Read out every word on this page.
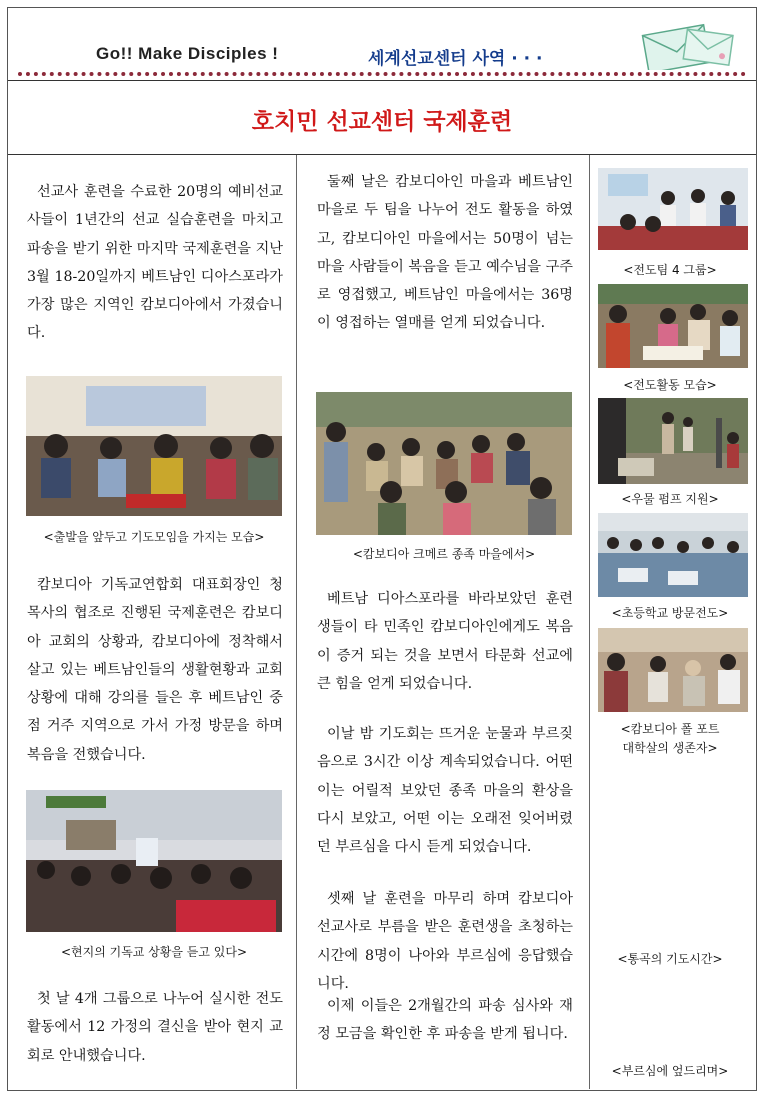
Go!! Make Disciples !	세계선교센터 사역 · · ·
호치민 선교센터 국제훈련

선교사 훈련을 수료한 20명의 예비선교사들이 1년간의 선교 실습훈련을 마치고 파송을 받기 위한 마지막 국제훈련을 지난 3월 18-20일까지 베트남인 디아스포라가 가장 많은 지역인 캄보디아에서 가졌습니다.

<출발을 앞두고 기도모임을 가지는 모습>

캄보디아 기독교연합회 대표회장인 청 목사의 협조로 진행된 국제훈련은 캄보디아 교회의 상황과, 캄보디아에 정착해서 살고 있는 베트남인들의 생활현황과 교회 상황에 대해 강의를 들은 후 베트남인 중점 거주 지역으로 가서 가정 방문을 하며 복음을 전했습니다.

<현지의 기독교 상황을 듣고 있다>

첫 날 4개 그룹으로 나누어 실시한 전도활동에서 12 가정의 결신을 받아 현지 교회로 안내했습니다.

둘째 날은 캄보디아인 마을과 베트남인 마을로 두 팀을 나누어 전도 활동을 하였고, 캄보디아인 마을에서는 50명이 넘는 마을 사람들이 복음을 듣고 예수님을 구주로 영접했고, 베트남인 마을에서는 36명이 영접하는 열매를 얻게 되었습니다.

<캄보디아 크메르 종족 마을에서>

베트남 디아스포라를 바라보았던 훈련생들이 타 민족인 캄보디아인에게도 복음이 증거 되는 것을 보면서 타문화 선교에 큰 힘을 얻게 되었습니다.

이날 밤 기도회는 뜨거운 눈물과 부르짖음으로 3시간 이상 계속되었습니다. 어떤 이는 어릴적 보았던 종족 마을의 환상을 다시 보았고, 어떤 이는 오래전 잊어버렸던 부르심을 다시 듣게 되었습니다.

셋째 날 훈련을 마무리 하며 캄보디아 선교사로 부름을 받은 훈련생을 초청하는 시간에 8명이 나아와 부르심에 응답했습니다.

이제 이들은 2개월간의 파송 심사와 재정 모금을 확인한 후 파송을 받게 됩니다.

<전도팀 4 그룹>
<전도활동 모습>
<우물 펌프 지원>
<초등학교 방문전도>
<캄보디아 폴 포트
대학살의 생존자>
<통곡의 기도시간>
<부르심에 엎드리며>
